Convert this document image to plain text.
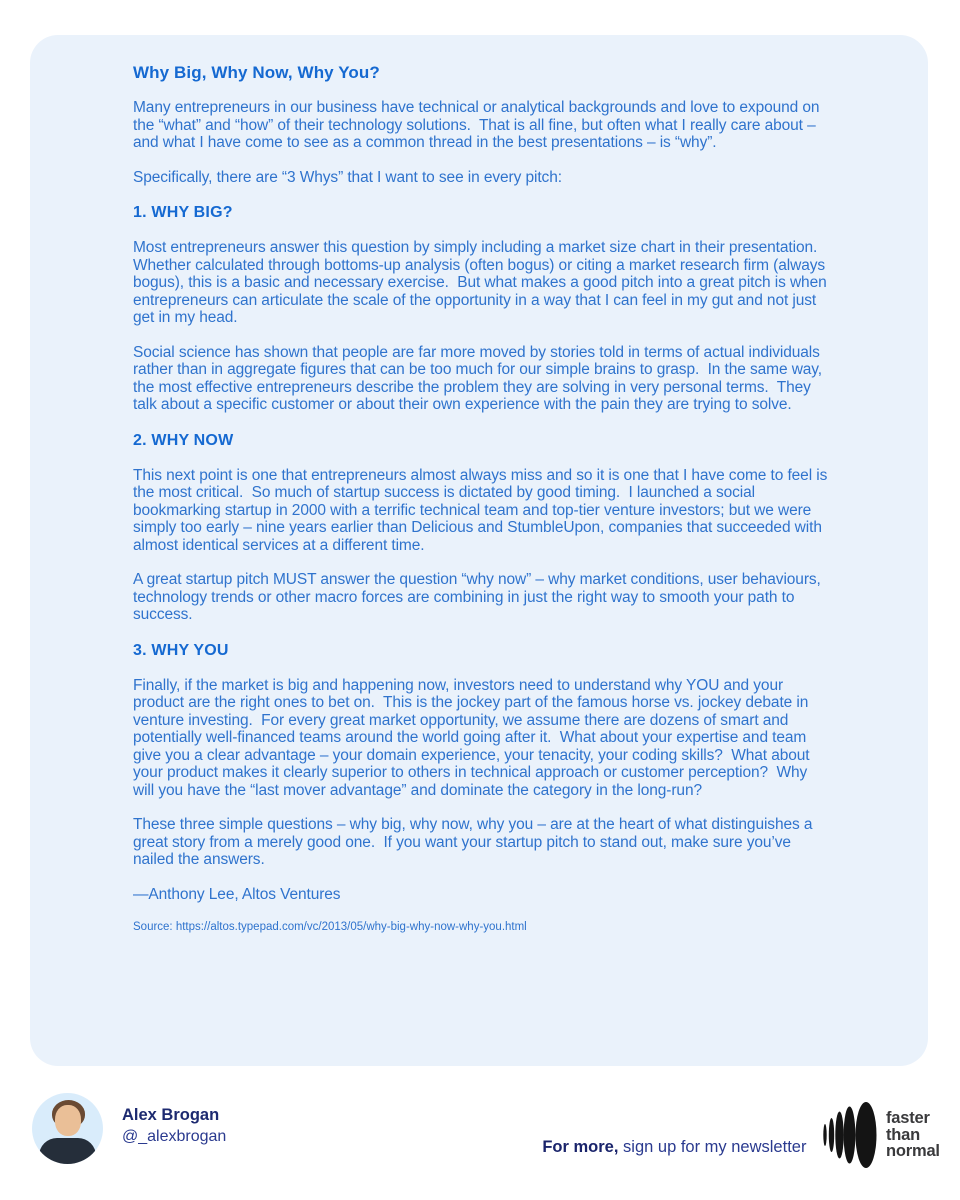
Why Big, Why Now, Why You?

Many entrepreneurs in our business have technical or analytical backgrounds and love to expound on the “what” and “how” of their technology solutions.  That is all fine, but often what I really care about – and what I have come to see as a common thread in the best presentations – is “why”.

Specifically, there are “3 Whys” that I want to see in every pitch:

1. WHY BIG?

Most entrepreneurs answer this question by simply including a market size chart in their presentation.  Whether calculated through bottoms-up analysis (often bogus) or citing a market research firm (always bogus), this is a basic and necessary exercise.  But what makes a good pitch into a great pitch is when entrepreneurs can articulate the scale of the opportunity in a way that I can feel in my gut and not just get in my head.

Social science has shown that people are far more moved by stories told in terms of actual individuals rather than in aggregate figures that can be too much for our simple brains to grasp.  In the same way, the most effective entrepreneurs describe the problem they are solving in very personal terms.  They talk about a specific customer or about their own experience with the pain they are trying to solve.

2. WHY NOW

This next point is one that entrepreneurs almost always miss and so it is one that I have come to feel is the most critical.  So much of startup success is dictated by good timing.  I launched a social bookmarking startup in 2000 with a terrific technical team and top-tier venture investors; but we were simply too early – nine years earlier than Delicious and StumbleUpon, companies that succeeded with almost identical services at a different time.

A great startup pitch MUST answer the question “why now” – why market conditions, user behaviours, technology trends or other macro forces are combining in just the right way to smooth your path to success.

3. WHY YOU

Finally, if the market is big and happening now, investors need to understand why YOU and your product are the right ones to bet on.  This is the jockey part of the famous horse vs. jockey debate in venture investing.  For every great market opportunity, we assume there are dozens of smart and potentially well-financed teams around the world going after it.  What about your expertise and team give you a clear advantage – your domain experience, your tenacity, your coding skills?  What about your product makes it clearly superior to others in technical approach or customer perception?  Why will you have the “last mover advantage” and dominate the category in the long-run?

These three simple questions – why big, why now, why you – are at the heart of what distinguishes a great story from a merely good one.  If you want your startup pitch to stand out, make sure you’ve nailed the answers.

—Anthony Lee, Altos Ventures

Source: https://altos.typepad.com/vc/2013/05/why-big-why-now-why-you.html

Alex Brogan
@_alexbrogan

For more, sign up for my newsletter

faster
than
normal
